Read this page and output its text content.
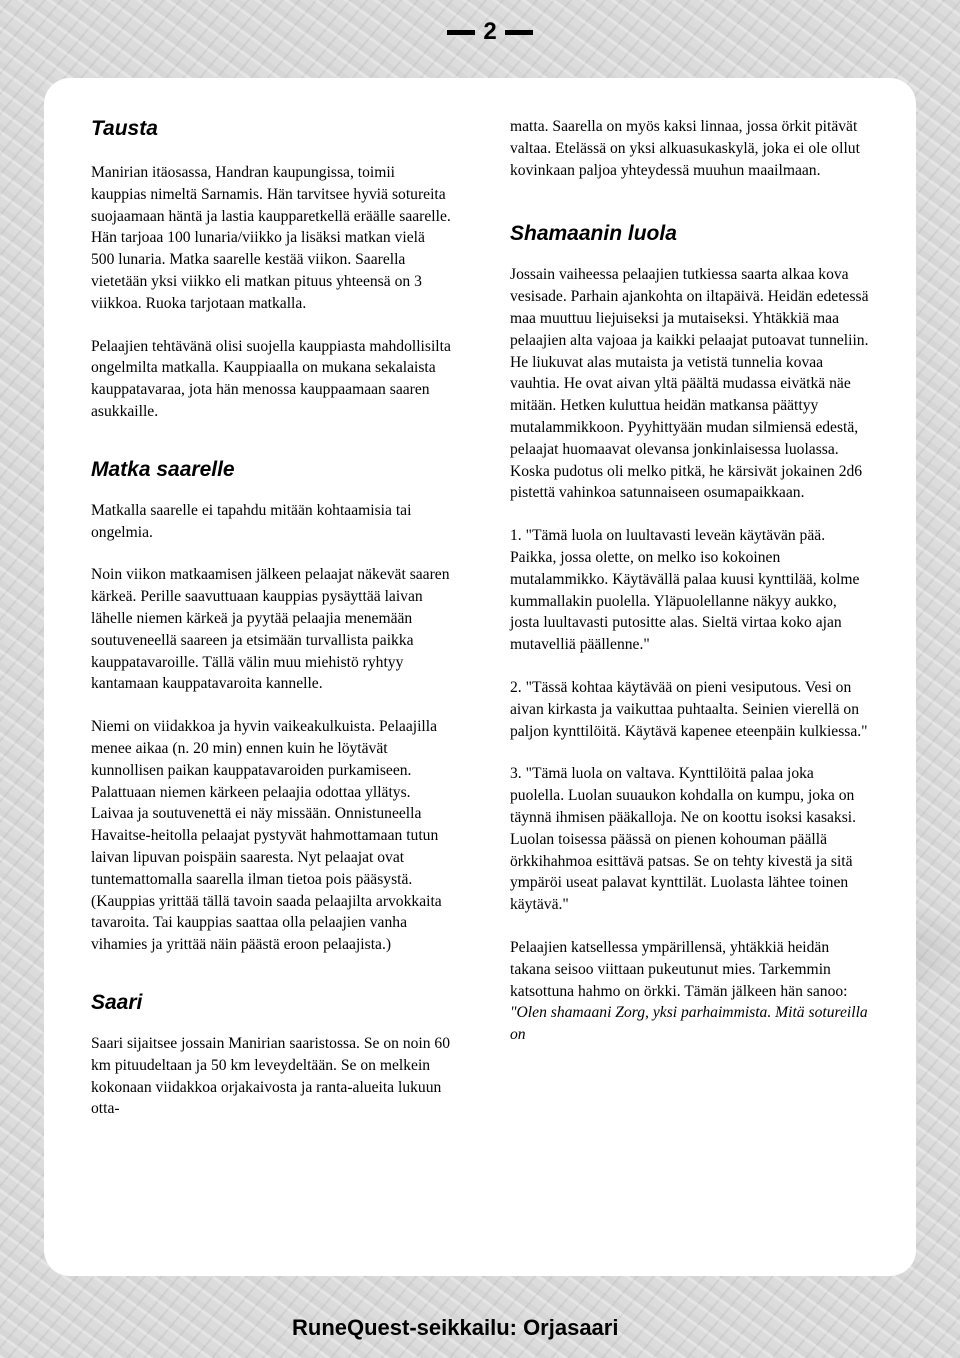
2
Tausta

Manirian itäosassa, Handran kaupungissa, toimii kauppias nimeltä Sarnamis. Hän tarvitsee hyviä sotureita suojaamaan häntä ja lastia kaupparetkellä eräälle saarelle. Hän tarjoaa 100 lunaria/viikko ja lisäksi matkan vielä 500 lunaria. Matka saarelle kestää viikon. Saarella vietetään yksi viikko eli matkan pituus yhteensä on 3 viikkoa. Ruoka tarjotaan matkalla.

Pelaajien tehtävänä olisi suojella kauppiasta mahdollisilta ongelmilta matkalla. Kauppiaalla on mukana sekalaista kauppatavaraa, jota hän menossa kauppaamaan saaren asukkaille.

Matka saarelle

Matkalla saarelle ei tapahdu mitään kohtaamisia tai ongelmia.

Noin viikon matkaamisen jälkeen pelaajat näkevät saaren kärkeä. Perille saavuttuaan kauppias pysäyttää laivan lähelle niemen kärkeä ja pyytää pelaajia menemään soutuveneellä saareen ja etsimään turvallista paikka kauppatavaroille. Tällä välin muu miehistö ryhtyy kantamaan kauppatavaroita kannelle.

Niemi on viidakkoa ja hyvin vaikeakulkuista. Pelaajilla menee aikaa (n. 20 min) ennen kuin he löytävät kunnollisen paikan kauppatavaroiden purkamiseen. Palattuaan niemen kärkeen pelaajia odottaa yllätys. Laivaa ja soutuvenettä ei näy missään. Onnistuneella Havaitse-heitolla pelaajat pystyvät hahmottamaan tutun laivan lipuvan poispäin saaresta. Nyt pelaajat ovat tuntemattomalla saarella ilman tietoa pois pääsystä. (Kauppias yrittää tällä tavoin saada pelaajilta arvokkaita tavaroita. Tai kauppias saattaa olla pelaajien vanha vihamies ja yrittää näin päästä eroon pelaajista.)

Saari

Saari sijaitsee jossain Manirian saaristossa. Se on noin 60 km pituudeltaan ja 50 km leveydeltään. Se on melkein kokonaan viidakkoa orjakaivosta ja ranta-alueita lukuun otta-

matta. Saarella on myös kaksi linnaa, jossa örkit pitävät valtaa. Etelässä on yksi alkuasukaskylä, joka ei ole ollut kovinkaan paljoa yhteydessä muuhun maailmaan.

Shamaanin luola

Jossain vaiheessa pelaajien tutkiessa saarta alkaa kova vesisade. Parhain ajankohta on iltapäivä. Heidän edetessä maa muuttuu liejuiseksi ja mutaiseksi. Yhtäkkiä maa pelaajien alta vajoaa ja kaikki pelaajat putoavat tunneliin. He liukuvat alas mutaista ja vetistä tunnelia kovaa vauhtia. He ovat aivan yltä päältä mudassa eivätkä näe mitään. Hetken kuluttua heidän matkansa päättyy mutalammikkoon. Pyyhittyään mudan silmiensä edestä, pelaajat huomaavat olevansa jonkinlaisessa luolassa. Koska pudotus oli melko pitkä, he kärsivät jokainen 2d6 pistettä vahinkoa satunnaiseen osumapaikkaan.

1. "Tämä luola on luultavasti leveän käytävän pää. Paikka, jossa olette, on melko iso kokoinen mutalammikko. Käytävällä palaa kuusi kynttilää, kolme kummallakin puolella. Yläpuolellanne näkyy aukko, josta luultavasti putositte alas. Sieltä virtaa koko ajan mutavelliä päällenne."

2. "Tässä kohtaa käytävää on pieni vesiputous. Vesi on aivan kirkasta ja vaikuttaa puhtaalta. Seinien vierellä on paljon kynttilöitä. Käytävä kapenee eteenpäin kulkiessa."

3. "Tämä luola on valtava. Kynttilöitä palaa joka puolella. Luolan suuaukon kohdalla on kumpu, joka on täynnä ihmisen pääkalloja. Ne on koottu isoksi kasaksi. Luolan toisessa päässä on pienen kohouman päällä örkkihahmoa esittävä patsas. Se on tehty kivestä ja sitä ympäröi useat palavat kynttilät. Luolasta lähtee toinen käytävä."

Pelaajien katsellessa ympärillensä, yhtäkkiä heidän takana seisoo viittaan pukeutunut mies. Tarkemmin katsottuna hahmo on örkki. Tämän jälkeen hän sanoo: "Olen shamaani Zorg, yksi parhaimmista. Mitä sotureilla on

RuneQuest-seikkailu: Orjasaari
